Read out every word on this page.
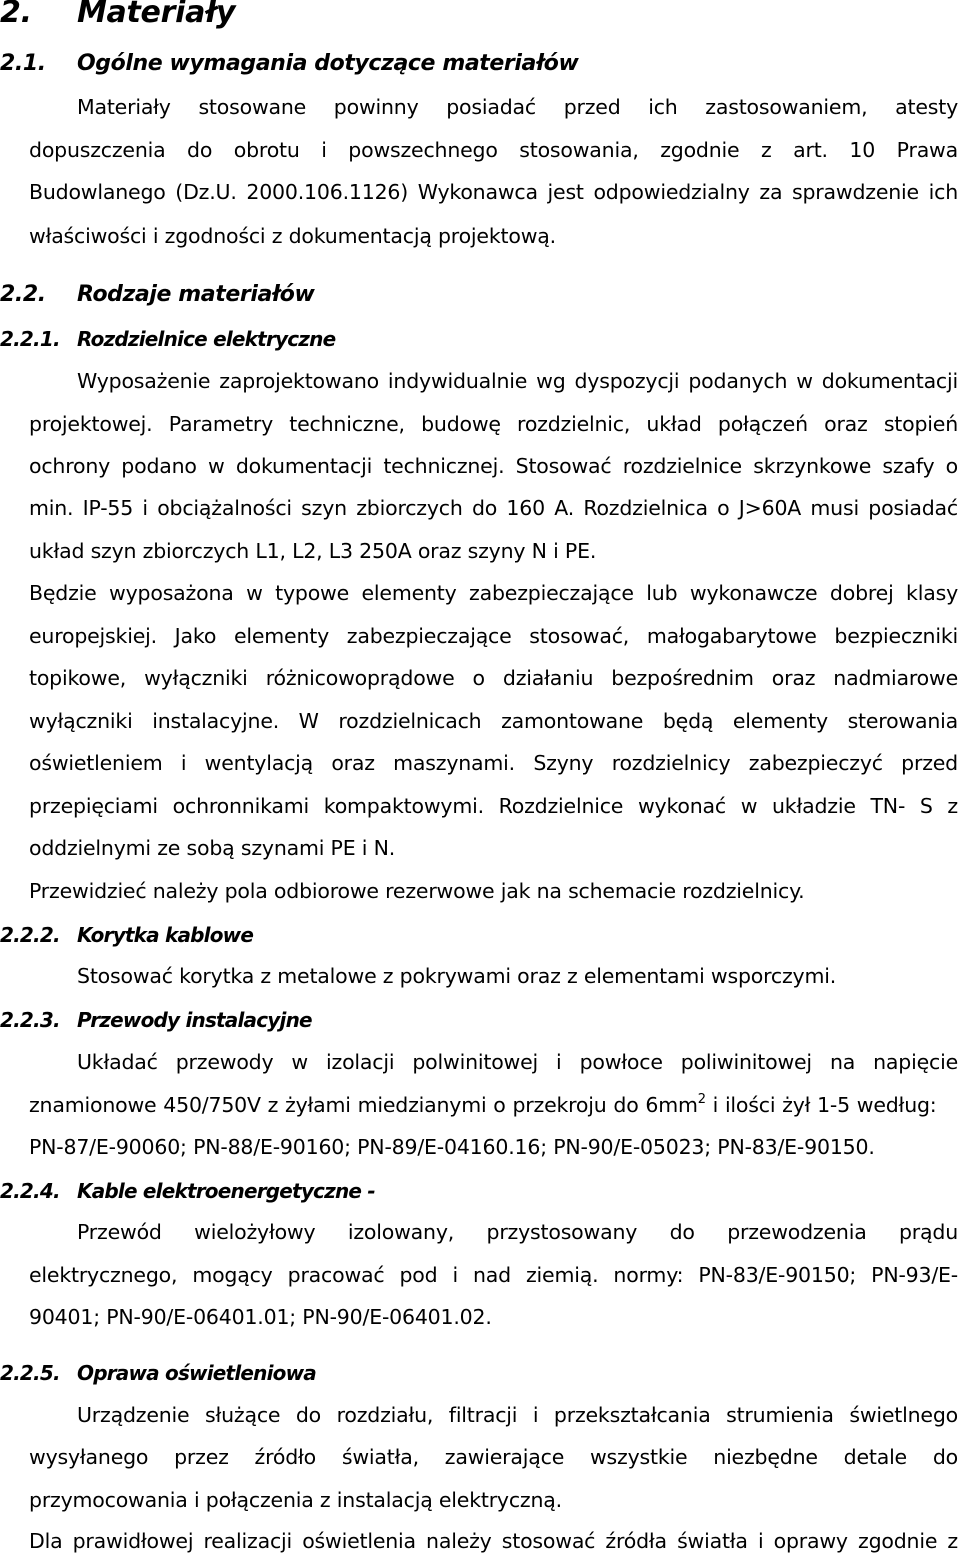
2. Materiały
2.1. Ogólne wymagania dotyczące materiałów
Materiały stosowane powinny posiadać przed ich zastosowaniem, atesty
dopuszczenia do obrotu i powszechnego stosowania, zgodnie z art. 10 Prawa
Budowlanego (Dz.U. 2000.106.1126) Wykonawca jest odpowiedzialny za sprawdzenie ich
właściwości i zgodności z dokumentacją projektową.
2.2. Rodzaje materiałów
2.2.1. Rozdzielnice elektryczne
Wyposażenie zaprojektowano indywidualnie wg dyspozycji podanych w dokumentacji
projektowej. Parametry techniczne, budowę rozdzielnic, układ połączeń oraz stopień
ochrony podano w dokumentacji technicznej. Stosować rozdzielnice skrzynkowe szafy o
min. IP-55 i obciążalności szyn zbiorczych do 160 A. Rozdzielnica o J>60A musi posiadać
układ szyn zbiorczych L1, L2, L3 250A oraz szyny N i PE.
Będzie wyposażona w typowe elementy zabezpieczające lub wykonawcze dobrej klasy
europejskiej. Jako elementy zabezpieczające stosować, małogabarytowe bezpieczniki
topikowe, wyłączniki różnicowoprądowe o działaniu bezpośrednim oraz nadmiarowe
wyłączniki instalacyjne. W rozdzielnicach zamontowane będą elementy sterowania
oświetleniem i wentylacją oraz maszynami. Szyny rozdzielnicy zabezpieczyć przed
przepięciami ochronnikami kompaktowymi. Rozdzielnice wykonać w układzie TN- S z
oddzielnymi ze sobą szynami PE i N.
Przewidzieć należy pola odbiorowe rezerwowe jak na schemacie rozdzielnicy.
2.2.2. Korytka kablowe
Stosować korytka z metalowe z pokrywami oraz z elementami wsporczymi.
2.2.3. Przewody instalacyjne
Układać przewody w izolacji polwinitowej i powłoce poliwinitowej na napięcie
znamionowe 450/750V z żyłami miedzianymi o przekroju do $6mm^2$ i ilości żył 1-5 według:
PN-87/E-90060; PN-88/E-90160; PN-89/E-04160.16; PN-90/E-05023; PN-83/E-90150.
2.2.4. Kable elektroenergetyczne -
Przewód wielożyłowy izolowany, przystosowany do przewodzenia prądu
elektrycznego, mogący pracować pod i nad ziemią. normy: PN-83/E-90150; PN-93/E-
90401; PN-90/E-06401.01; PN-90/E-06401.02.
2.2.5. Oprawa oświetleniowa
Urządzenie służące do rozdziału, filtracji i przekształcania strumienia świetlnego
wysyłanego przez źródło światła, zawierające wszystkie niezbędne detale do
przymocowania i połączenia z instalacją elektryczną.
Dla prawidłowej realizacji oświetlenia należy stosować źródła światła i oprawy zgodnie z
